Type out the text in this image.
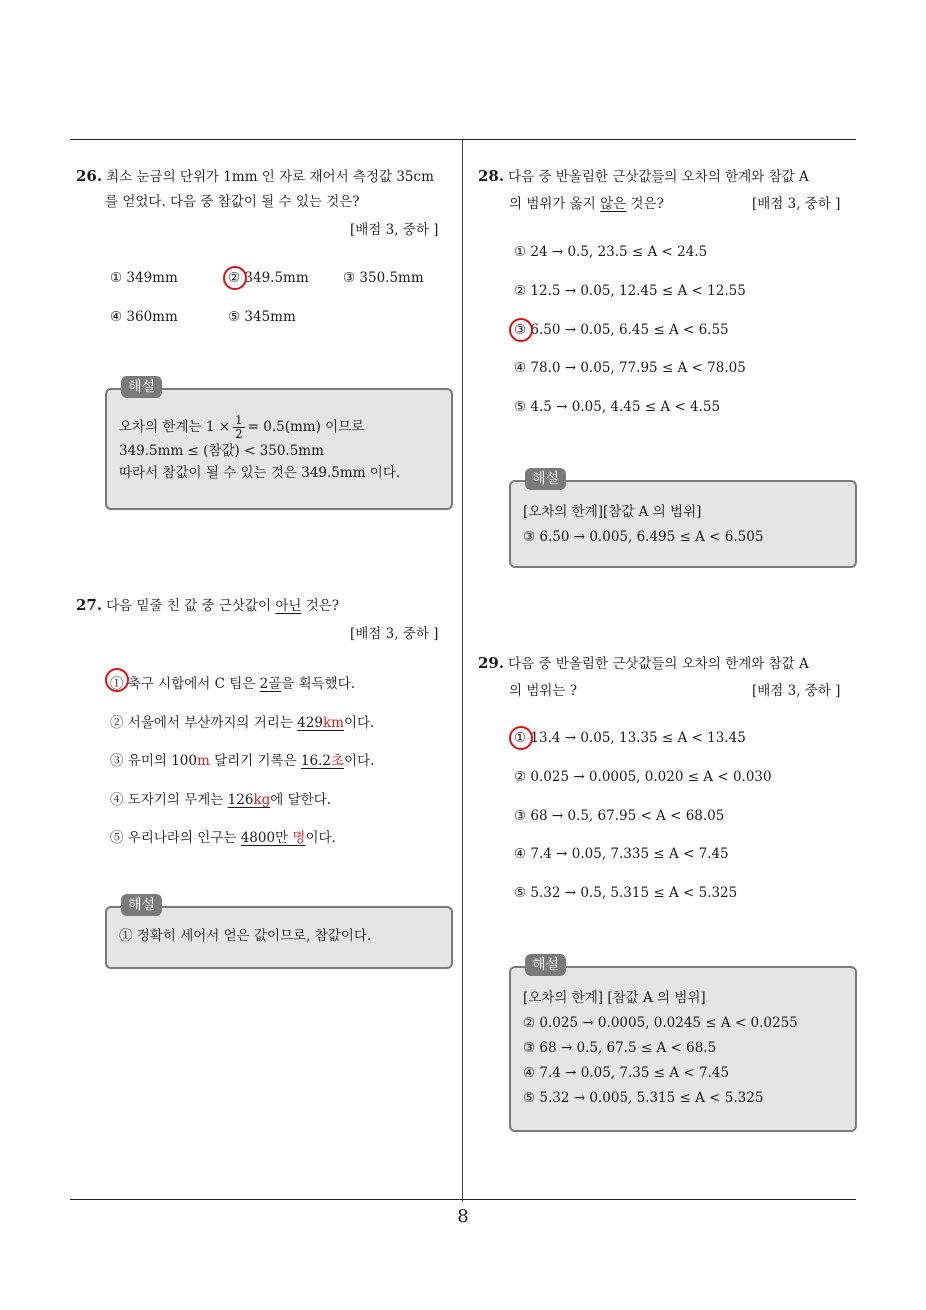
26. 최소 눈금의 단위가 1mm 인 자로 재어서 측정값 35cm
를 얻었다. 다음 중 참값이 될 수 있는 것은?
[배점 3, 중하 ]
① 349mm	② 349.5mm	③ 350.5mm
④ 360mm	⑤ 345mm
해설
오차의 한계는 $1 \times \frac{1}{2} = 0.5(mm)$ 이므로
349.5mm ≤ (참값) < 350.5mm
따라서 참값이 될 수 있는 것은 349.5mm 이다.
27. 다음 밑줄 친 값 중 근삿값이 아닌 것은?
[배점 3, 중하 ]
① 축구 시합에서 C 팀은 2골을 획득했다.
② 서울에서 부산까지의 거리는 429km이다.
③ 유미의 100m 달리기 기록은 16.2초이다.
④ 도자기의 무게는 126kg에 달한다.
⑤ 우리나라의 인구는 4800만 명이다.
해설
① 정확히 세어서 얻은 값이므로, 참값이다.
28. 다음 중 반올림한 근삿값들의 오차의 한계와 참값 A
의 범위가 옳지 않은 것은?	[배점 3, 중하 ]
① 24 → 0.5, 23.5 ≤ A < 24.5
② 12.5 → 0.05, 12.45 ≤ A < 12.55
③ 6.50 → 0.05, 6.45 ≤ A < 6.55
④ 78.0 → 0.05, 77.95 ≤ A < 78.05
⑤ 4.5 → 0.05, 4.45 ≤ A < 4.55
해설
[오차의 한계][참값 A 의 범위]
③ 6.50 → 0.005, 6.495 ≤ A < 6.505
29. 다음 중 반올림한 근삿값들의 오차의 한계와 참값 A
의 범위는 ?	[배점 3, 중하 ]
① 13.4 → 0.05, 13.35 ≤ A < 13.45
② 0.025 → 0.0005, 0.020 ≤ A < 0.030
③ 68 → 0.5, 67.95 < A < 68.05
④ 7.4 → 0.05, 7.335 ≤ A < 7.45
⑤ 5.32 → 0.5, 5.315 ≤ A < 5.325
해설
[오차의 한계] [참값 A 의 범위]
② 0.025 → 0.0005, 0.0245 ≤ A < 0.0255
③ 68 → 0.5, 67.5 ≤ A < 68.5
④ 7.4 → 0.05, 7.35 ≤ A < 7.45
⑤ 5.32 → 0.005, 5.315 ≤ A < 5.325
8
